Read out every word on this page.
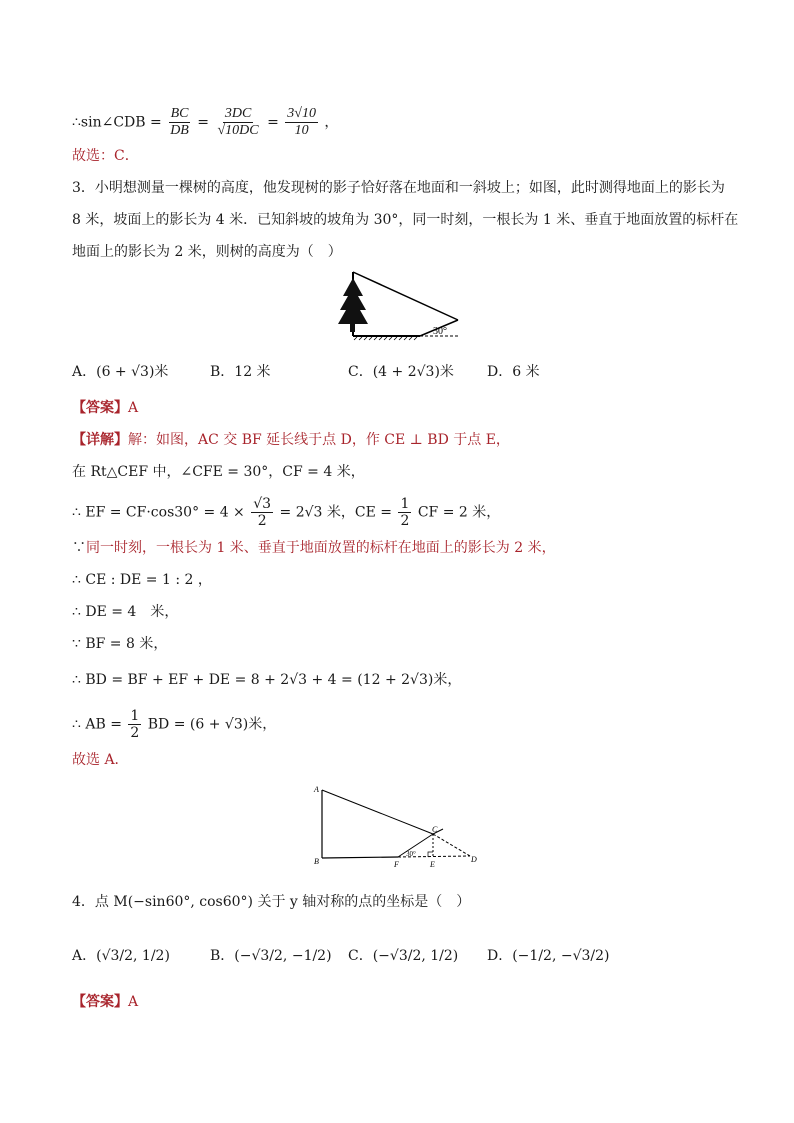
∴sin∠CDB = $\frac{BC}{DB} = \frac{3DC}{√10DC} = \frac{3√10}{10}$ ，
故选：C．
3．小明想测量一棵树的高度，他发现树的影子恰好落在地面和一斜坡上；如图，此时测得地面上的影长为
8 米，坡面上的影长为 4 米．已知斜坡的坡角为 30°，同一时刻，一根长为 1 米、垂直于地面放置的标杆在
地面上的影长为 2 米，则树的高度为（　）
30°
A．(6 + √3)米	B．12 米	C．(4 + 2√3)米 D．6 米
【答案】A
【详解】解：如图，AC 交 BF 延长线于点 D，作 CE ⊥ BD 于点 E，
在 Rt△CEF 中，∠CFE = 30°，CF = 4 米，
∴ EF = $CF\cdot\cos 30^\circ = 4 \times \frac{√3}{2} = 2√3$ 米，CE = $\frac{1}{2}$ CF = 2 米，
∵同一时刻，一根长为 1 米、垂直于地面放置的标杆在地面上的影长为 2 米，
∴ CE : DE = 1 : 2 ，
∴ DE = 4　米，
∵ BF = 8 米，
∴ BD = BF + EF + DE = 8 + 2√3 + 4 = (12 + 2√3)米，
∴ AB = $\frac{1}{2}$ BD = (6 + √3)米，
故选 A．
A
B
C
D
E
F
30°
4．点 M(−sin60°, cos60°) 关于 y 轴对称的点的坐标是（　）
A．(√3/2, 1/2)	B．(−√3/2, −1/2) C．(−√3/2, 1/2) D．(−1/2, −√3/2)
【答案】A
